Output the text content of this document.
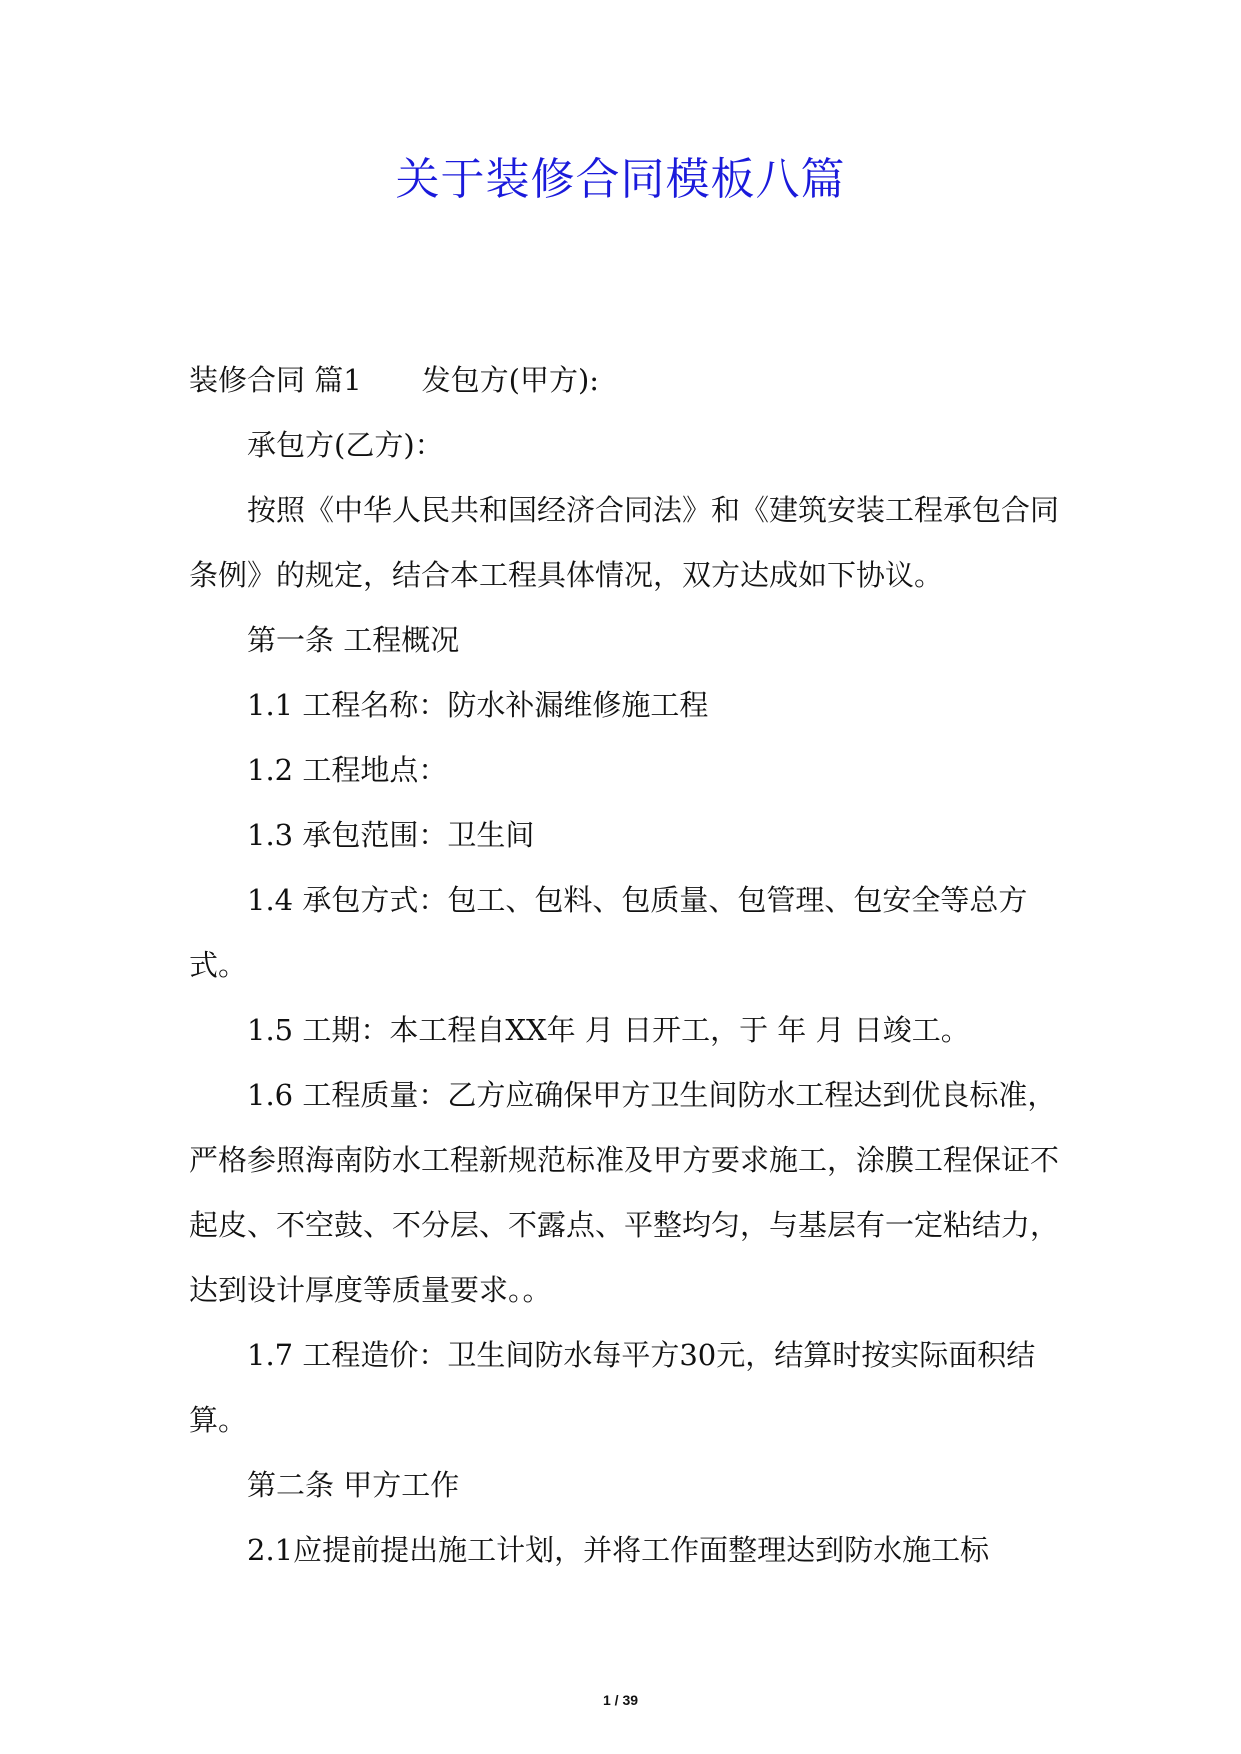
关于装修合同模板八篇

装修合同 篇1 发包方(甲方):

承包方(乙方)：

按照《中华人民共和国经济合同法》和《建筑安装工程承包合同条例》的规定，结合本工程具体情况，双方达成如下协议。

第一条 工程概况

1.1 工程名称：防水补漏维修施工程

1.2 工程地点：

1.3 承包范围：卫生间

1.4 承包方式：包工、包料、包质量、包管理、包安全等总方式。

1.5 工期：本工程自XX年 月 日开工，于 年 月 日竣工。

1.6 工程质量：乙方应确保甲方卫生间防水工程达到优良标准，严格参照海南防水工程新规范标准及甲方要求施工，涂膜工程保证不起皮、不空鼓、不分层、不露点、平整均匀，与基层有一定粘结力，达到设计厚度等质量要求。。

1.7 工程造价：卫生间防水每平方30元，结算时按实际面积结算。

第二条 甲方工作

2.1应提前提出施工计划，并将工作面整理达到防水施工标

1 / 39
